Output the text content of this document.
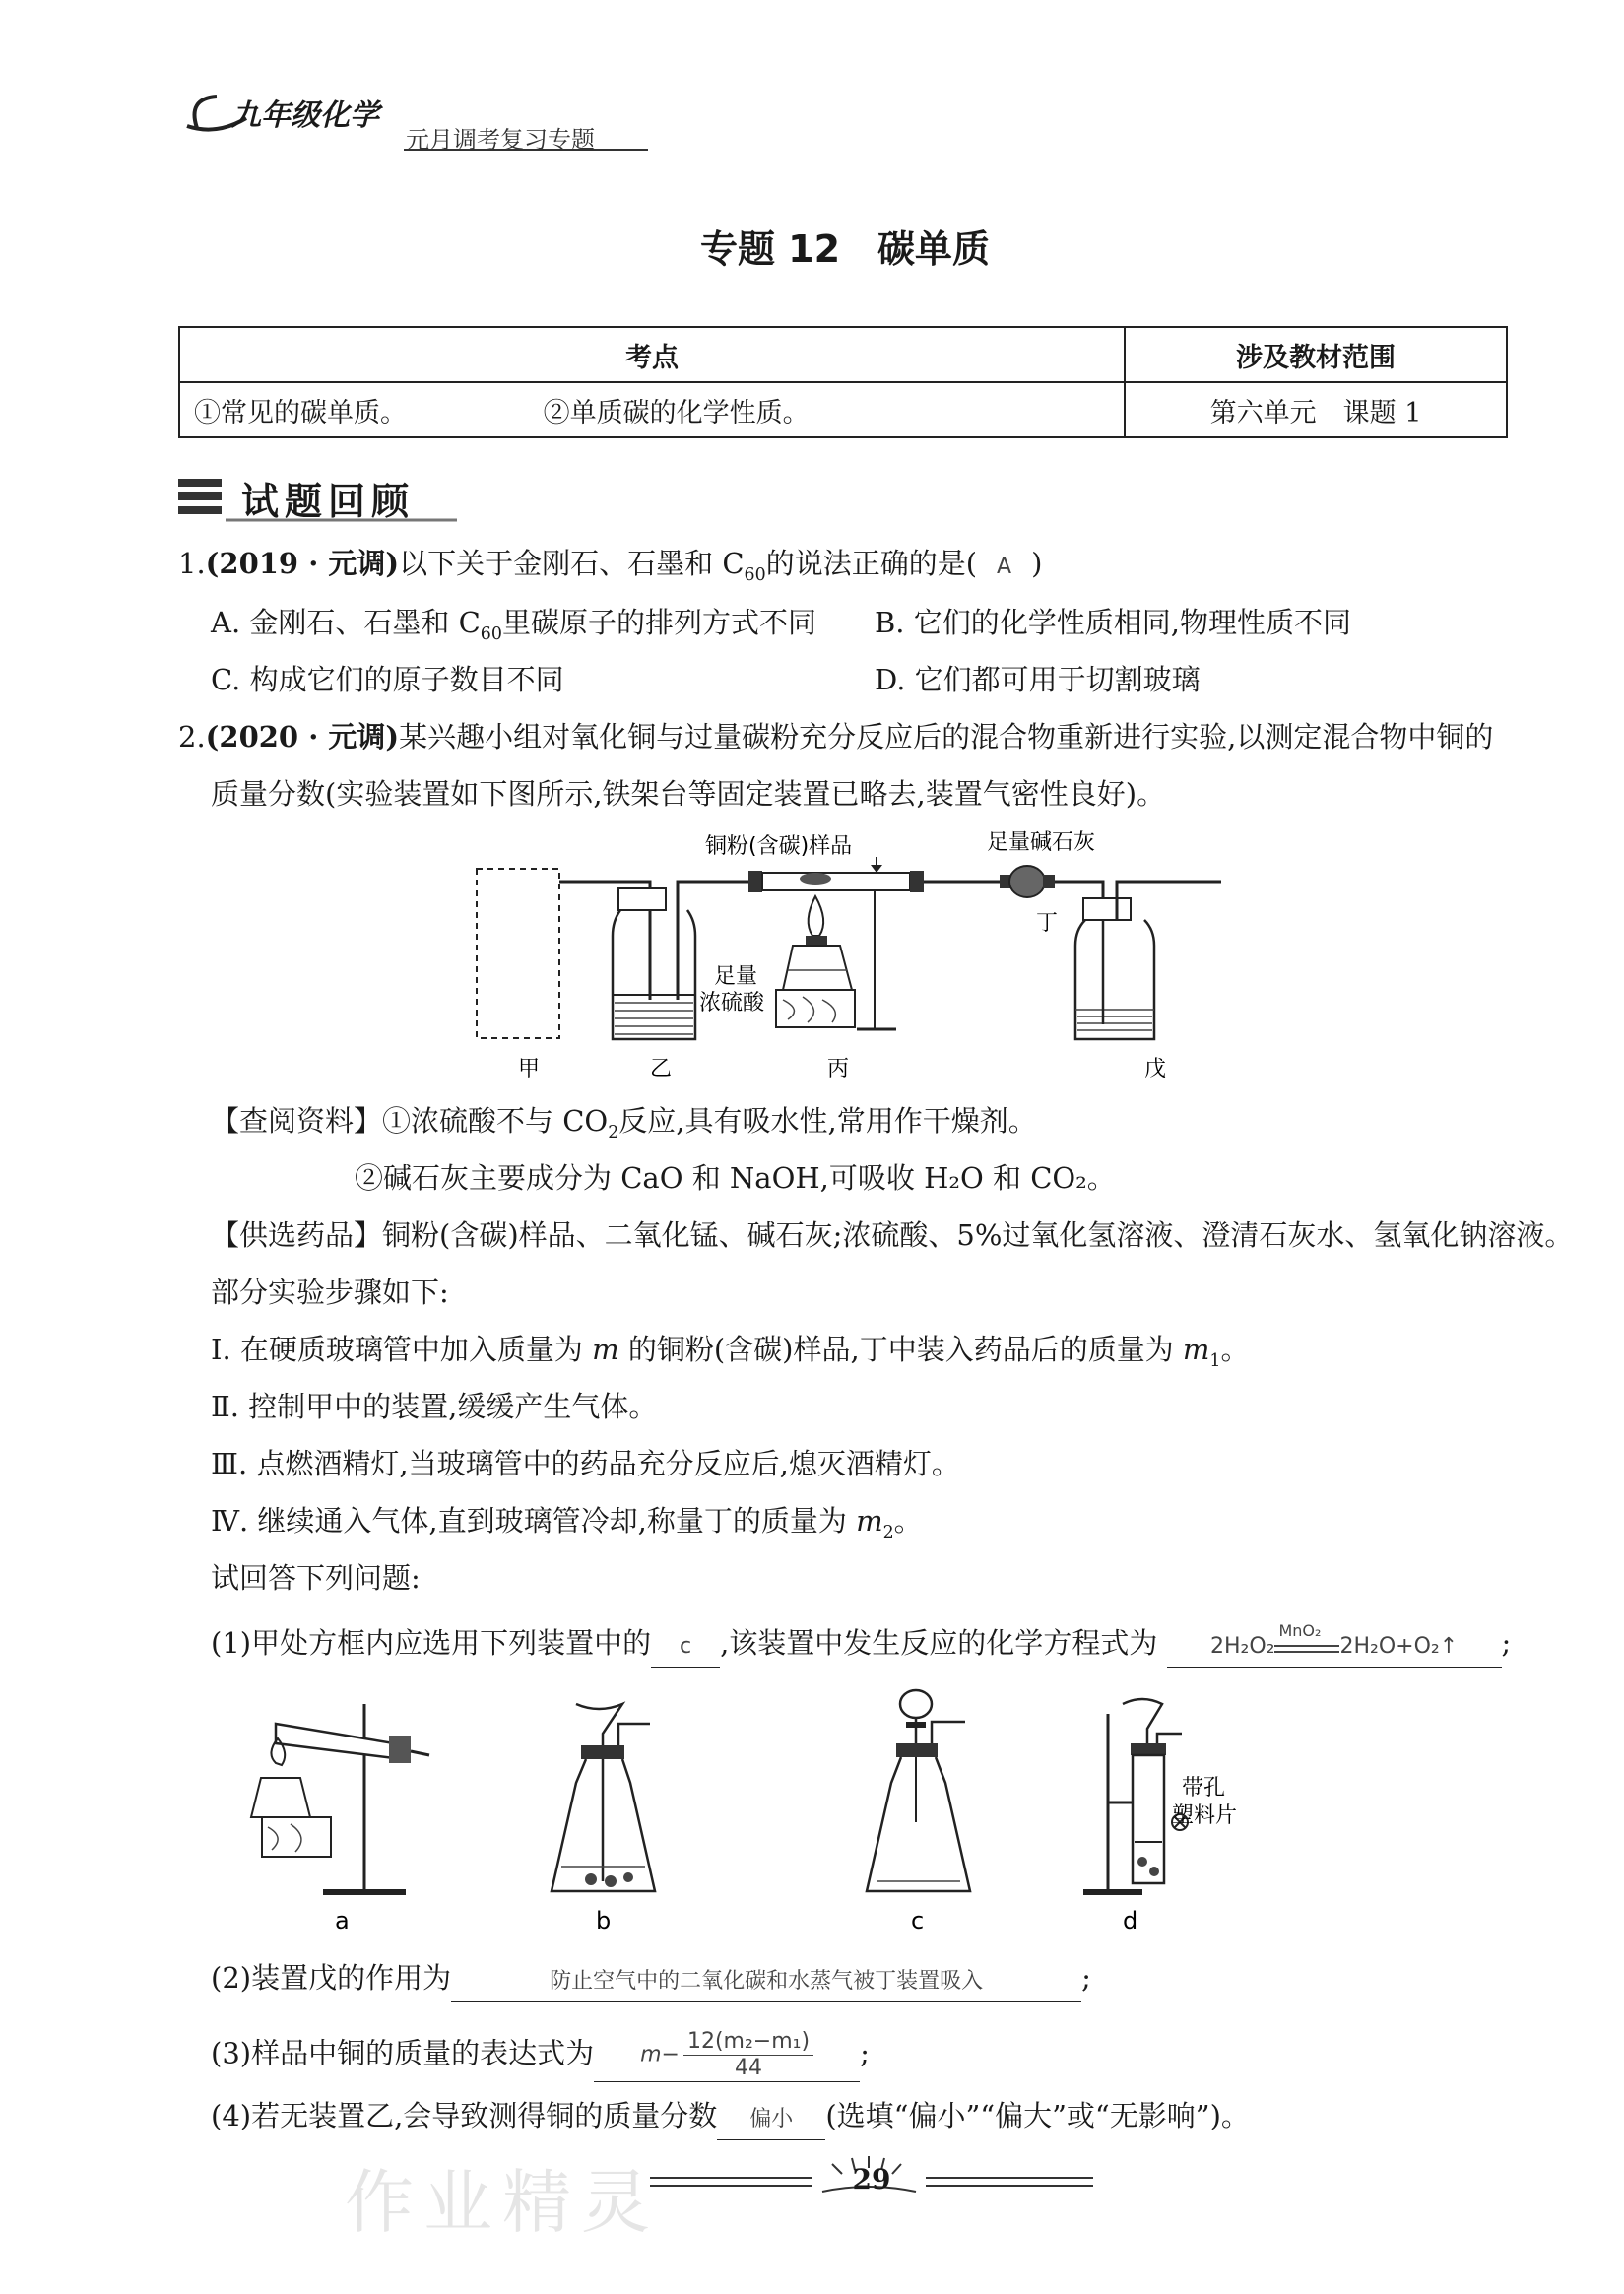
九年级化学
元月调考复习专题
专题 12　碳单质
考点	涉及教材范围
①常见的碳单质。 ②单质碳的化学性质。	第六单元　课题 1
试题回顾
1.(2019 · 元调)以下关于金刚石、石墨和 $C_{60}$的说法正确的是( A )
A. 金刚石、石墨和 $C_{60}$里碳原子的排列方式不同 B. 它们的化学性质相同,物理性质不同
C. 构成它们的原子数目不同	D. 它们都可用于切割玻璃
2.(2020 · 元调)某兴趣小组对氧化铜与过量碳粉充分反应后的混合物重新进行实验,以测定混合物中铜的
质量分数(实验装置如下图所示,铁架台等固定装置已略去,装置气密性良好)。
铜粉(含碳)样品	足量碱石灰
丁
足量
浓硫酸
甲	乙	丙	戊
【查阅资料】①浓硫酸不与 $CO_2$反应,具有吸水性,常用作干燥剂。
②碱石灰主要成分为 CaO 和 NaOH,可吸收 H₂O 和 CO₂。
【供选药品】铜粉(含碳)样品、二氧化锰、碱石灰;浓硫酸、5%过氧化氢溶液、澄清石灰水、氢氧化钠溶液。
部分实验步骤如下:
Ⅰ. 在硬质玻璃管中加入质量为 m 的铜粉(含碳)样品,丁中装入药品后的质量为 $m_1$。
Ⅱ. 控制甲中的装置,缓缓产生气体。
Ⅲ. 点燃酒精灯,当玻璃管中的药品充分反应后,熄灭酒精灯。
Ⅳ. 继续通入气体,直到玻璃管冷却,称量丁的质量为 $m_2$。
试回答下列问题:
(1)甲处方框内应选用下列装置中的 c ,该装置中发生反应的化学方程式为 2H₂O₂
MnO₂
2H₂O+O₂↑ ;
a	b	c	d
带孔
塑料片
(2)装置戊的作用为	防止空气中的二氧化碳和水蒸气被丁装置吸入	;
(3)样品中铜的质量的表达式为 $m- \frac{\text{12(m₂−m₁)}}{44}$ ;
(4)若无装置乙,会导致测得铜的质量分数 偏小 (选填“偏小”“偏大”或“无影响”)。
29
作业精灵
